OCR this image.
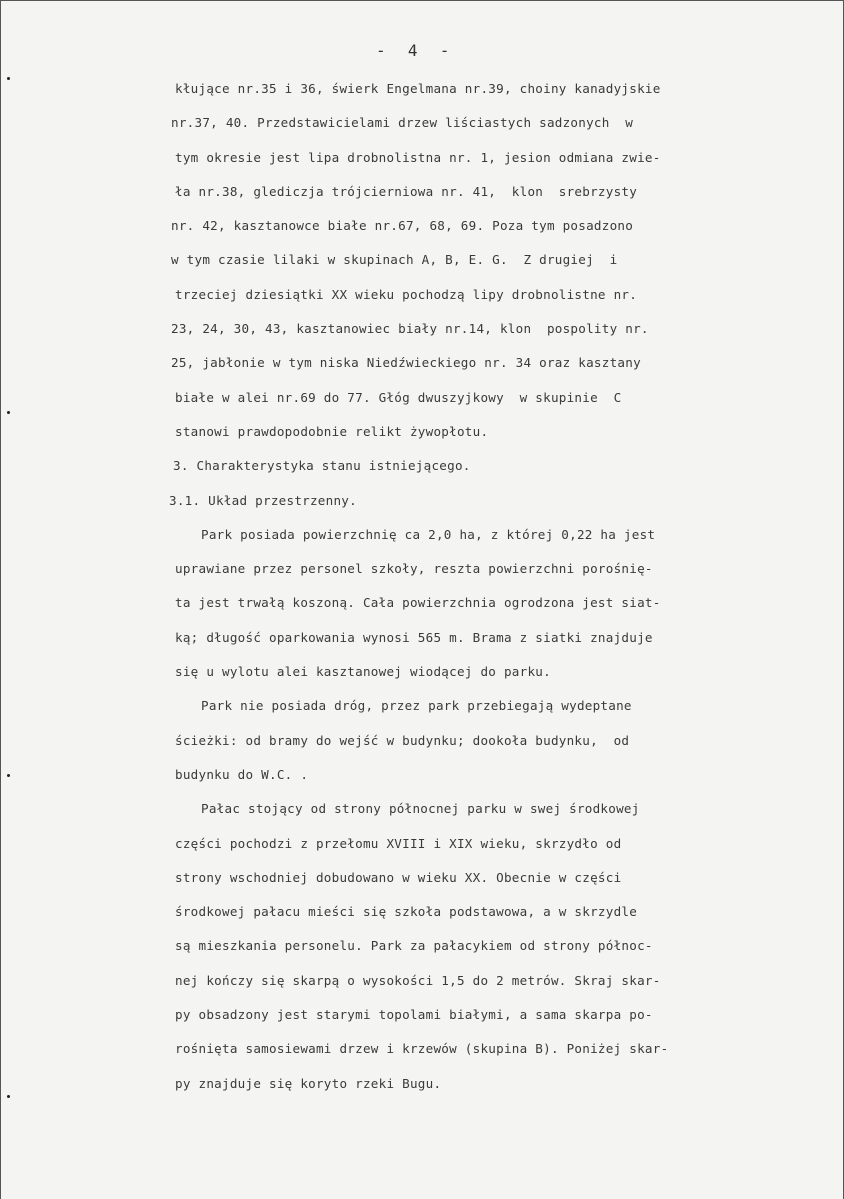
-  4  -
kłujące nr.35 i 36, świerk Engelmana nr.39, choiny kanadyjskie
nr.37, 40. Przedstawicielami drzew liściastych sadzonych  w
tym okresie jest lipa drobnolistna nr. 1, jesion odmiana zwie-
ła nr.38, glediczja trójcierniowa nr. 41,  klon  srebrzysty
nr. 42, kasztanowce białe nr.67, 68, 69. Poza tym posadzono
w tym czasie lilaki w skupinach A, B, E. G.  Z drugiej  i
trzeciej dziesiątki XX wieku pochodzą lipy drobnolistne nr.
23, 24, 30, 43, kasztanowiec biały nr.14, klon  pospolity nr.
25, jabłonie w tym niska Niedźwieckiego nr. 34 oraz kasztany
białe w alei nr.69 do 77. Głóg dwuszyjkowy  w skupinie  C
stanowi prawdopodobnie relikt żywopłotu.
3. Charakterystyka stanu istniejącego.
3.1. Układ przestrzenny.
Park posiada powierzchnię ca 2,0 ha, z której 0,22 ha jest
uprawiane przez personel szkoły, reszta powierzchni porośnię-
ta jest trwałą koszoną. Cała powierzchnia ogrodzona jest siat-
ką; długość oparkowania wynosi 565 m. Brama z siatki znajduje
się u wylotu alei kasztanowej wiodącej do parku.
Park nie posiada dróg, przez park przebiegają wydeptane
ścieżki: od bramy do wejść w budynku; dookoła budynku,  od
budynku do W.C. .
Pałac stojący od strony północnej parku w swej środkowej
części pochodzi z przełomu XVIII i XIX wieku, skrzydło od
strony wschodniej dobudowano w wieku XX. Obecnie w części
środkowej pałacu mieści się szkoła podstawowa, a w skrzydle
są mieszkania personelu. Park za pałacykiem od strony północ-
nej kończy się skarpą o wysokości 1,5 do 2 metrów. Skraj skar-
py obsadzony jest starymi topolami białymi, a sama skarpa po-
rośnięta samosiewami drzew i krzewów (skupina B). Poniżej skar-
py znajduje się koryto rzeki Bugu.
